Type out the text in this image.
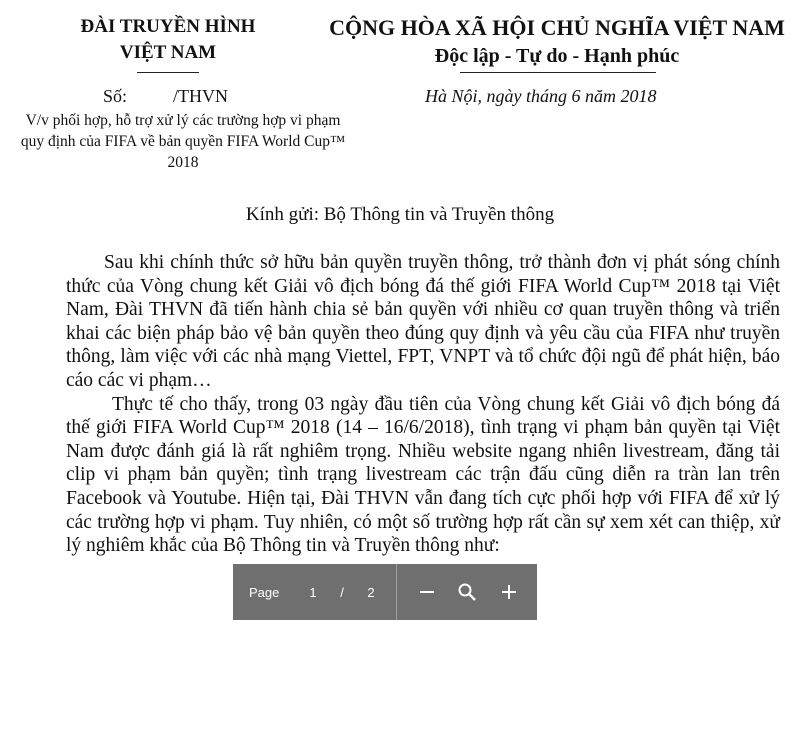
ĐÀI TRUYỀN HÌNH
VIỆT NAM
Số:	/THVN
V/v phối hợp, hỗ trợ xử lý các trường hợp vi phạm quy định của FIFA về bản quyền FIFA World Cup™ 2018
CỘNG HÒA XÃ HỘI CHỦ NGHĨA VIỆT NAM
Độc lập - Tự do - Hạnh phúc
Hà Nội, ngày tháng 6 năm 2018
Kính gửi: Bộ Thông tin và Truyền thông

Sau khi chính thức sở hữu bản quyền truyền thông, trở thành đơn vị phát sóng chính thức của Vòng chung kết Giải vô địch bóng đá thế giới FIFA World Cup™ 2018 tại Việt Nam, Đài THVN đã tiến hành chia sẻ bản quyền với nhiều cơ quan truyền thông và triển khai các biện pháp bảo vệ bản quyền theo đúng quy định và yêu cầu của FIFA như truyền thông, làm việc với các nhà mạng Viettel, FPT, VNPT và tổ chức đội ngũ để phát hiện, báo cáo các vi phạm…

Thực tế cho thấy, trong 03 ngày đầu tiên của Vòng chung kết Giải vô địch bóng đá thế giới FIFA World Cup™ 2018 (14 – 16/6/2018), tình trạng vi phạm bản quyền tại Việt Nam được đánh giá là rất nghiêm trọng. Nhiều website ngang nhiên livestream, đăng tải clip vi phạm bản quyền; tình trạng livestream các trận đấu cũng diễn ra tràn lan trên Facebook và Youtube. Hiện tại, Đài THVN vẫn đang tích cực phối hợp với FIFA để xử lý các trường hợp vi phạm. Tuy nhiên, có một số trường hợp rất cần sự xem xét can thiệp, xử lý nghiêm khắc của Bộ Thông tin và Truyền thông như:

Page	1	/	2
